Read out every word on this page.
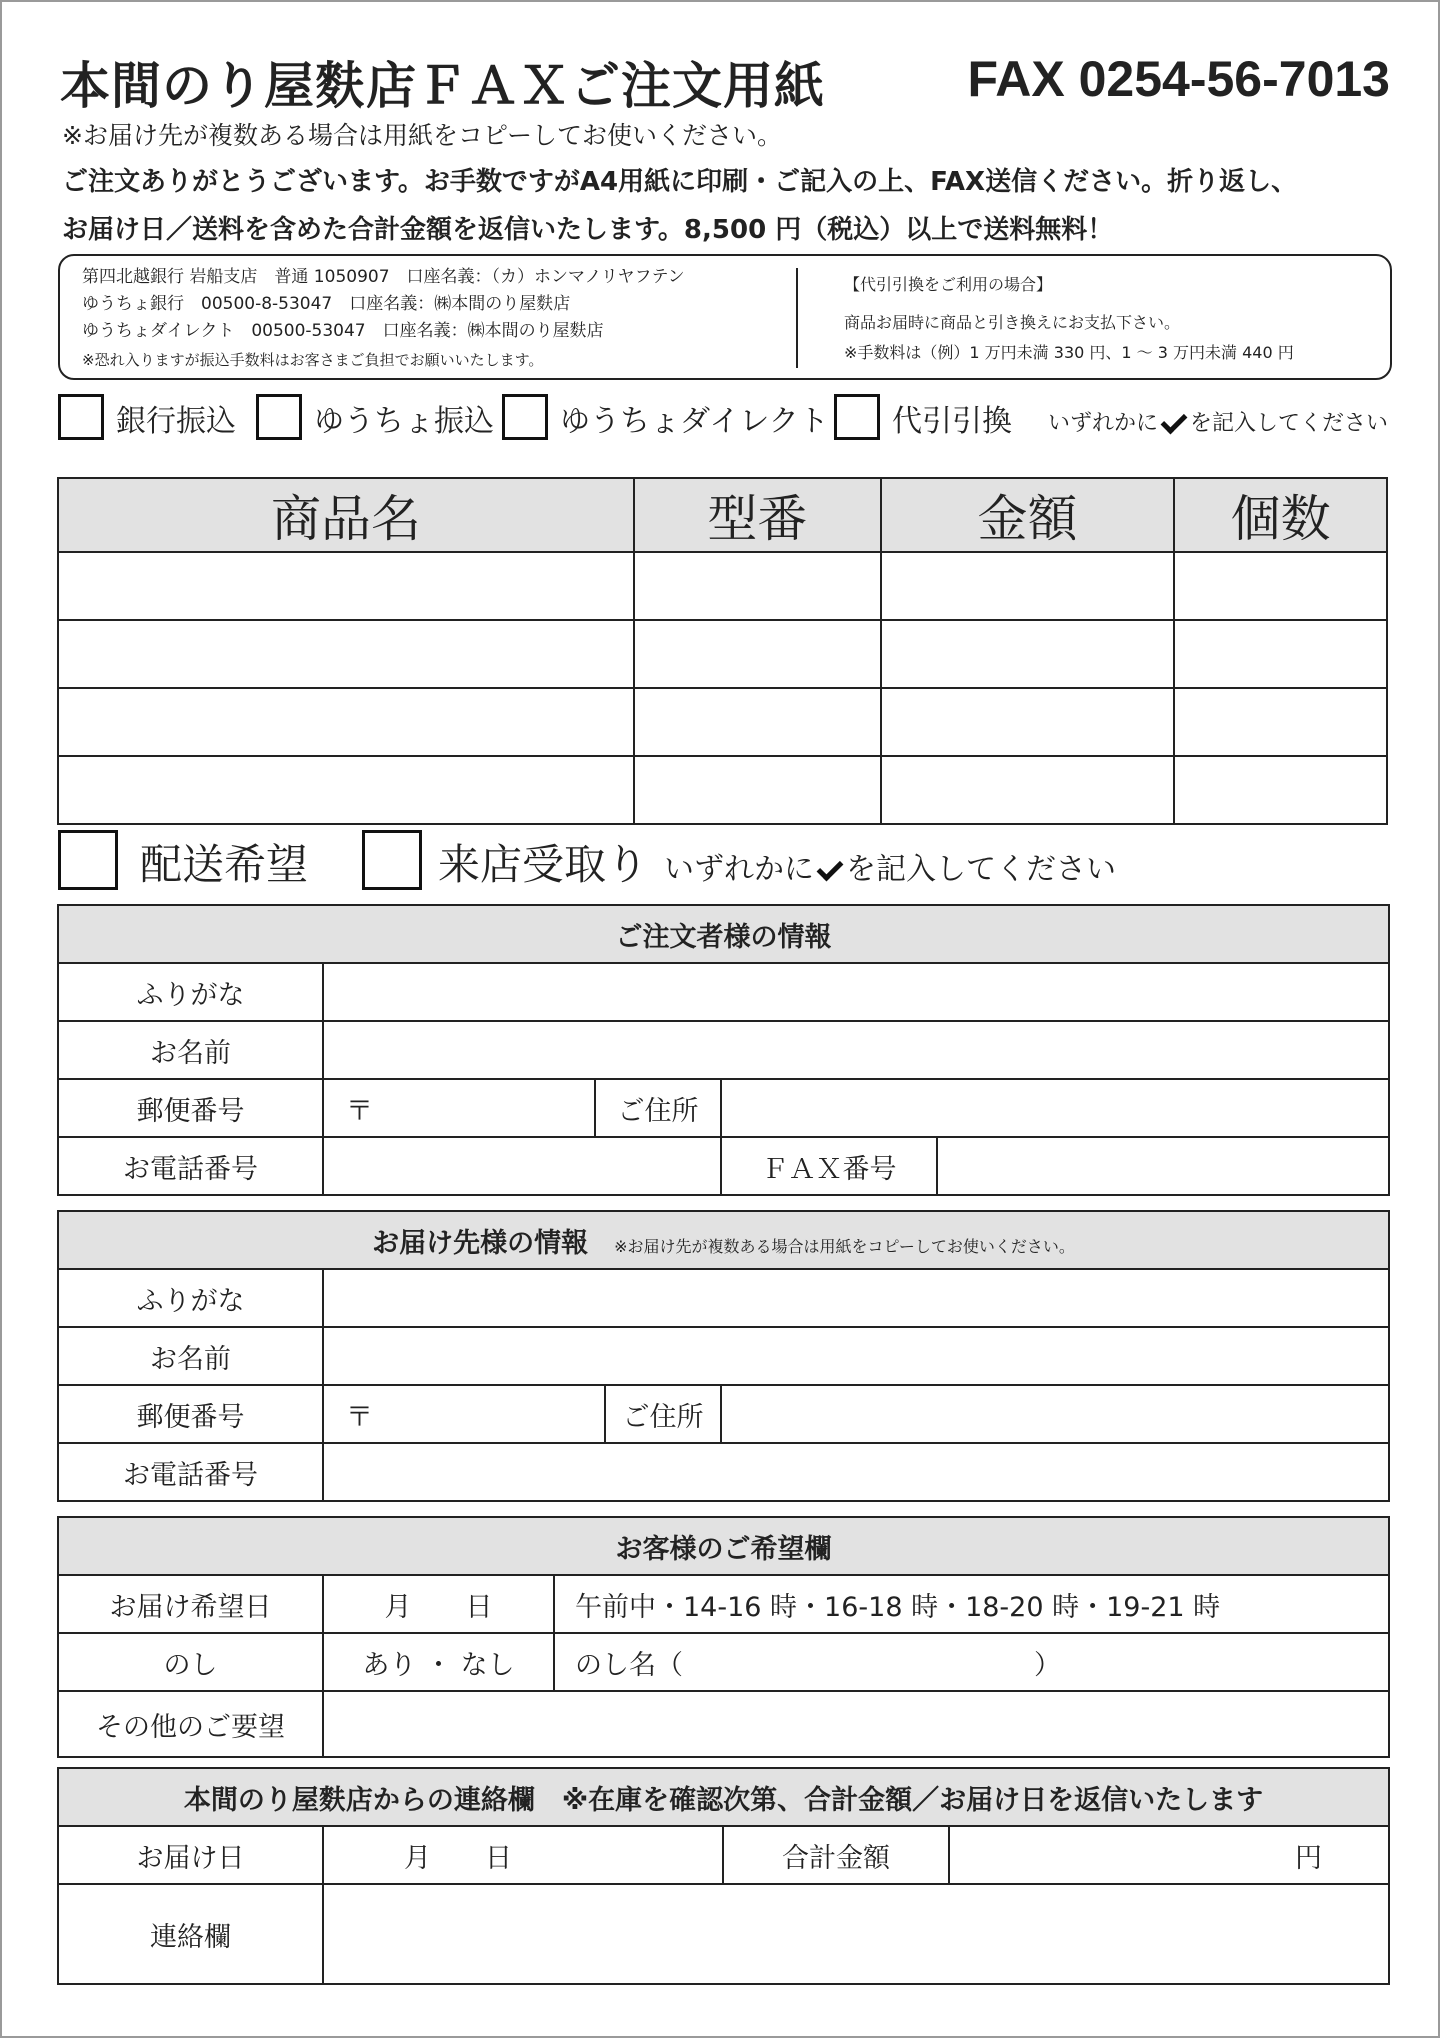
本間のり屋麩店ＦＡＸご注文用紙	FAX 0254-56-7013
※お届け先が複数ある場合は用紙をコピーしてお使いください。
ご注文ありがとうございます。お手数ですがA4用紙に印刷・ご記入の上、FAX送信ください。折り返し、
お届け日／送料を含めた合計金額を返信いたします。8,500 円（税込）以上で送料無料！
第四北越銀行 岩船支店　普通 1050907　口座名義：（カ）ホンマノリヤフテン
ゆうちょ銀行　00500-8-53047　口座名義：㈱本間のり屋麩店
ゆうちょダイレクト　00500-53047　口座名義：㈱本間のり屋麩店
※恐れ入りますが振込手数料はお客さまご負担でお願いいたします。
【代引引換をご利用の場合】
商品お届時に商品と引き換えにお支払下さい。
※手数料は（例）1 万円未満 330 円、1 〜 3 万円未満 440 円
銀行振込	ゆうちょ振込 ゆうちょダイレクト 代引引換 いずれかに を記入してください
商品名	型番	金額	個数

配送希望	来店受取り いずれかに を記入してください
ご注文者様の情報				
ふりがな				
お名前				
郵便番号	〒	ご住所		
お電話番号			ＦＡＸ番号	
お届け先様の情報 ※お届け先が複数ある場合は用紙をコピーしてお使いください。			
ふりがな			
お名前			
郵便番号	〒	ご住所	
お電話番号			
お客様のご希望欄		
お届け希望日	月　　日	午前中・14-16 時・16-18 時・18-20 時・19-21 時
のし	あり ・ なし	のし名（　　　　　　　　　　　　　）
その他のご要望		
本間のり屋麩店からの連絡欄　※在庫を確認次第、合計金額／お届け日を返信いたします			
お届け日	月　　日	合計金額	円
連絡欄			
